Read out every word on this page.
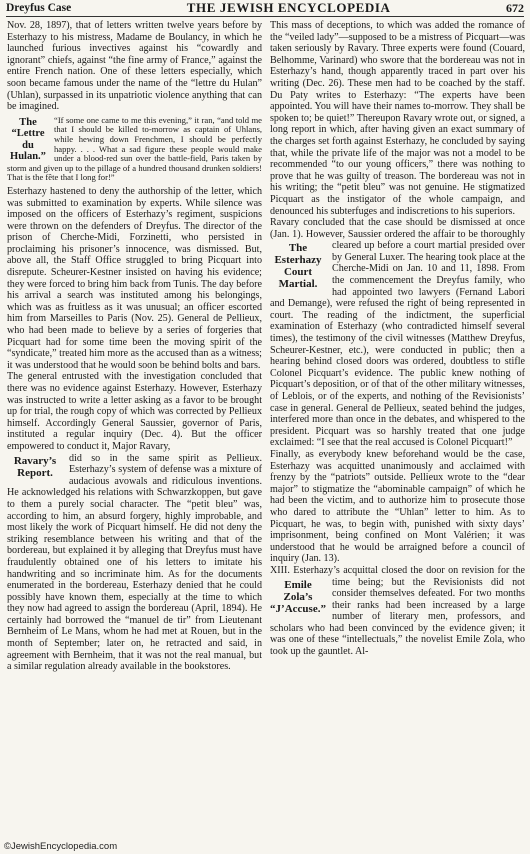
Dreyfus Case	THE JEWISH ENCYCLOPEDIA	672

Nov. 28, 1897), that of letters written twelve years before by Esterhazy to his mistress, Madame de Boulancy, in which he launched furious invectives against his “cowardly and ignorant” chiefs, against “the fine army of France,” against the entire French nation. One of these letters especially, which soon became famous under the name of the “lettre du Hulan” (Uhlan), surpassed in its unpatriotic violence anything that can be imagined.

The “Lettre du Hulan.”
“If some one came to me this evening,” it ran, “and told me that I should be killed to-morrow as captain of Uhlans, while hewing down Frenchmen, I should be perfectly happy. . . . What a sad figure these people would make under a blood-red sun over the battle-field, Paris taken by storm and given up to the pillage of a hundred thousand drunken soldiers! That is the fête that I long for!”

Esterhazy hastened to deny the authorship of the letter, which was submitted to examination by experts. While silence was imposed on the officers of Esterhazy’s regiment, suspicions were thrown on the defenders of Dreyfus. The director of the prison of Cherche-Midi, Forzinetti, who persisted in proclaiming his prisoner’s innocence, was dismissed. But, above all, the Staff Office struggled to bring Picquart into disrepute. Scheurer-Kestner insisted on having his evidence; they were forced to bring him back from Tunis. The day before his arrival a search was instituted among his belongings, which was as fruitless as it was unusual; an officer escorted him from Marseilles to Paris (Nov. 25). General de Pellieux, who had been made to believe by a series of forgeries that Picquart had for some time been the moving spirit of the “syndicate,” treated him more as the accused than as a witness; it was understood that he would soon be behind bolts and bars.

The general entrusted with the investigation concluded that there was no evidence against Esterhazy. However, Esterhazy was instructed to write a letter asking as a favor to be brought up for trial, the rough copy of which was corrected by Pellieux himself. Accordingly General Saussier, governor of Paris, instituted a regular inquiry (Dec. 4). But the officer empowered to conduct it, Major Ravary,

Ravary’s Report.
did so in the same spirit as Pellieux. Esterhazy’s system of defense was a mixture of audacious avowals and ridiculous inventions. He acknowledged his relations with Schwarzkoppen, but gave to them a purely social character. The “petit bleu” was, according to him, an absurd forgery, highly improbable, and most likely the work of Picquart himself. He did not deny the striking resemblance between his writing and that of the bordereau, but explained it by alleging that Dreyfus must have fraudulently obtained one of his letters to imitate his handwriting and so incriminate him. As for the documents enumerated in the bordereau, Esterhazy denied that he could possibly have known them, especially at the time to which they now had agreed to assign the bordereau (April, 1894). He certainly had borrowed the “manuel de tir” from Lieutenant Bernheim of Le Mans, whom he had met at Rouen, but in the month of September; later on, he retracted and said, in agreement with Bernheim, that it was not the real manual, but a similar regulation already available in the bookstores.

This mass of deceptions, to which was added the romance of the “veiled lady”—supposed to be a mistress of Picquart—was taken seriously by Ravary. Three experts were found (Couard, Belhomme, Varinard) who swore that the bordereau was not in Esterhazy’s hand, though apparently traced in part over his writing (Dec. 26). These men had to be coached by the staff. Du Paty writes to Esterhazy: “The experts have been appointed. You will have their names to-morrow. They shall be spoken to; be quiet!” Thereupon Ravary wrote out, or signed, a long report in which, after having given an exact summary of the charges set forth against Esterhazy, he concluded by saying that, while the private life of the major was not a model to be recommended “to our young officers,” there was nothing to prove that he was guilty of treason. The bordereau was not in his writing; the “petit bleu” was not genuine. He stigmatized Picquart as the instigator of the whole campaign, and denounced his subterfuges and indiscretions to his superiors.

Ravary concluded that the case should be dismissed at once (Jan. 1). However, Saussier ordered the affair to be thoroughly cleared up before a court
The Esterhazy Court Martial.
martial presided over by General Luxer. The hearing took place at the Cherche-Midi on Jan. 10 and 11, 1898. From the commencement the Dreyfus family, who had appointed two lawyers (Fernand Labori and Demange), were refused the right of being represented in court. The reading of the indictment, the superficial examination of Esterhazy (who contradicted himself several times), the testimony of the civil witnesses (Matthew Dreyfus, Scheurer-Kestner, etc.), were conducted in public; then a hearing behind closed doors was ordered, doubtless to stifle Colonel Picquart’s evidence. The public knew nothing of Picquart’s deposition, or of that of the other military witnesses, of Leblois, or of the experts, and nothing of the Revisionists’ case in general. General de Pellieux, seated behind the judges, interfered more than once in the debates, and whispered to the president. Picquart was so harshly treated that one judge exclaimed: “I see that the real accused is Colonel Picquart!”

Finally, as everybody knew beforehand would be the case, Esterhazy was acquitted unanimously and acclaimed with frenzy by the “patriots” outside. Pellieux wrote to the “dear major” to stigmatize the “abominable campaign” of which he had been the victim, and to authorize him to prosecute those who dared to attribute the “Uhlan” letter to him. As to Picquart, he was, to begin with, punished with sixty days’ imprisonment, being confined on Mont Valérien; it was understood that he would be arraigned before a council of inquiry (Jan. 13).

XIII. Esterhazy’s acquittal closed the door on revision for the time being; but the Revisionists
Emile Zola’s “J’Accuse.”
did not consider themselves defeated. For two months their ranks had been increased by a large number of literary men, professors, and scholars who had been convinced by the evidence given; it was one of these “intellectuals,” the novelist Emile Zola, who took up the gauntlet. Al-

©JewishEncyclopedia.com
